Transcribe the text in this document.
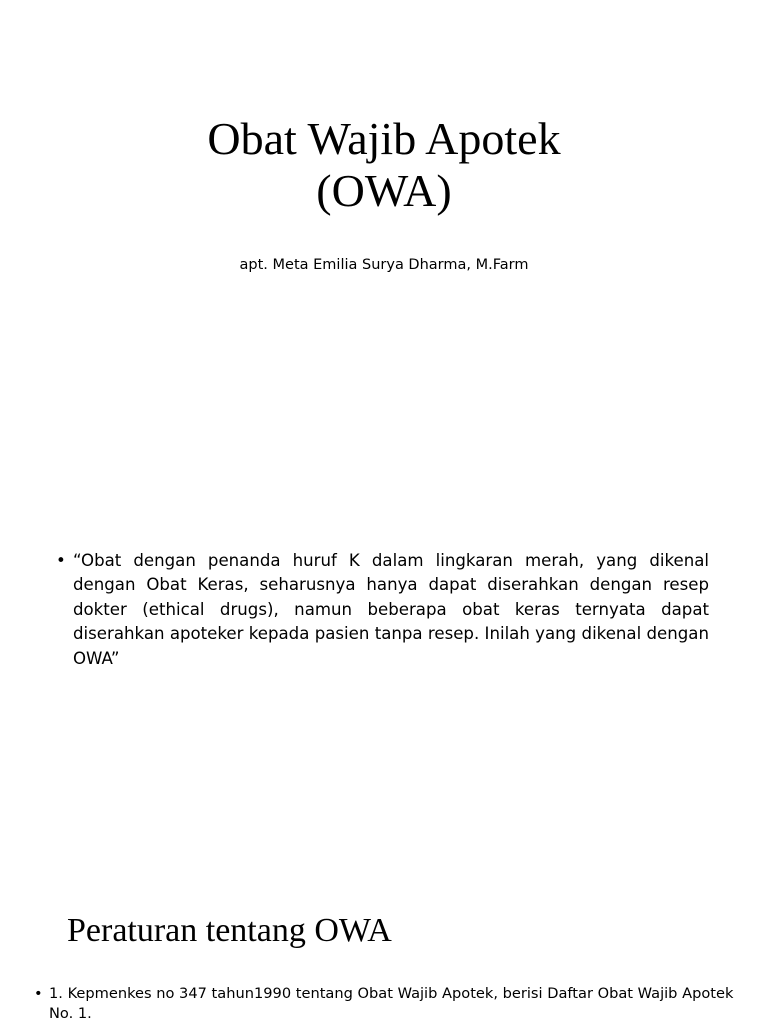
Obat Wajib Apotek
(OWA)
apt. Meta Emilia Surya Dharma, M.Farm
• “Obat dengan penanda huruf K dalam lingkaran merah, yang dikenal dengan Obat Keras, seharusnya hanya dapat diserahkan dengan resep dokter (ethical drugs), namun beberapa obat keras ternyata dapat diserahkan apoteker kepada pasien tanpa resep. Inilah yang dikenal dengan OWA”
Peraturan tentang OWA
• 1. Kepmenkes no 347 tahun1990 tentang Obat Wajib Apotek, berisi Daftar Obat Wajib Apotek No. 1.
